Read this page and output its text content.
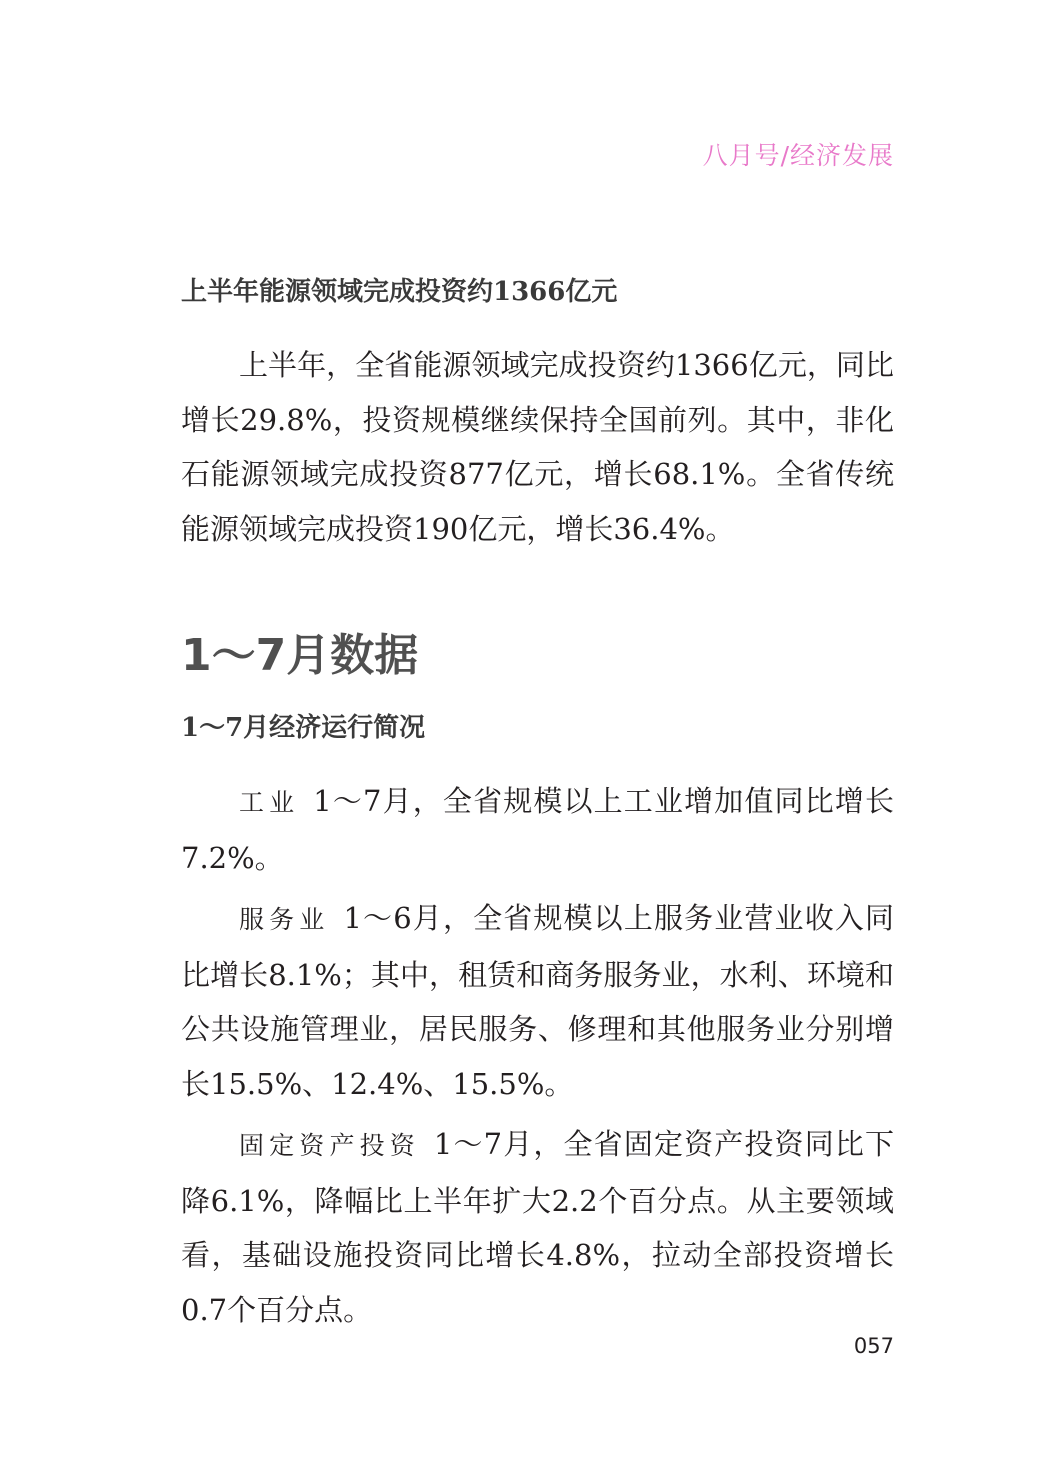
八月号/经济发展
上半年能源领域完成投资约1366亿元

上半年，全省能源领域完成投资约1366亿元，同比增长29.8%，投资规模继续保持全国前列。其中，非化石能源领域完成投资877亿元，增长68.1%。全省传统能源领域完成投资190亿元，增长36.4%。

1～7月数据
1～7月经济运行简况

工业 1～7月，全省规模以上工业增加值同比增长7.2%。

服务业 1～6月，全省规模以上服务业营业收入同比增长8.1%；其中，租赁和商务服务业，水利、环境和公共设施管理业，居民服务、修理和其他服务业分别增长15.5%、12.4%、15.5%。

固定资产投资 1～7月，全省固定资产投资同比下降6.1%，降幅比上半年扩大2.2个百分点。从主要领域看，基础设施投资同比增长4.8%，拉动全部投资增长0.7个百分点。

057
